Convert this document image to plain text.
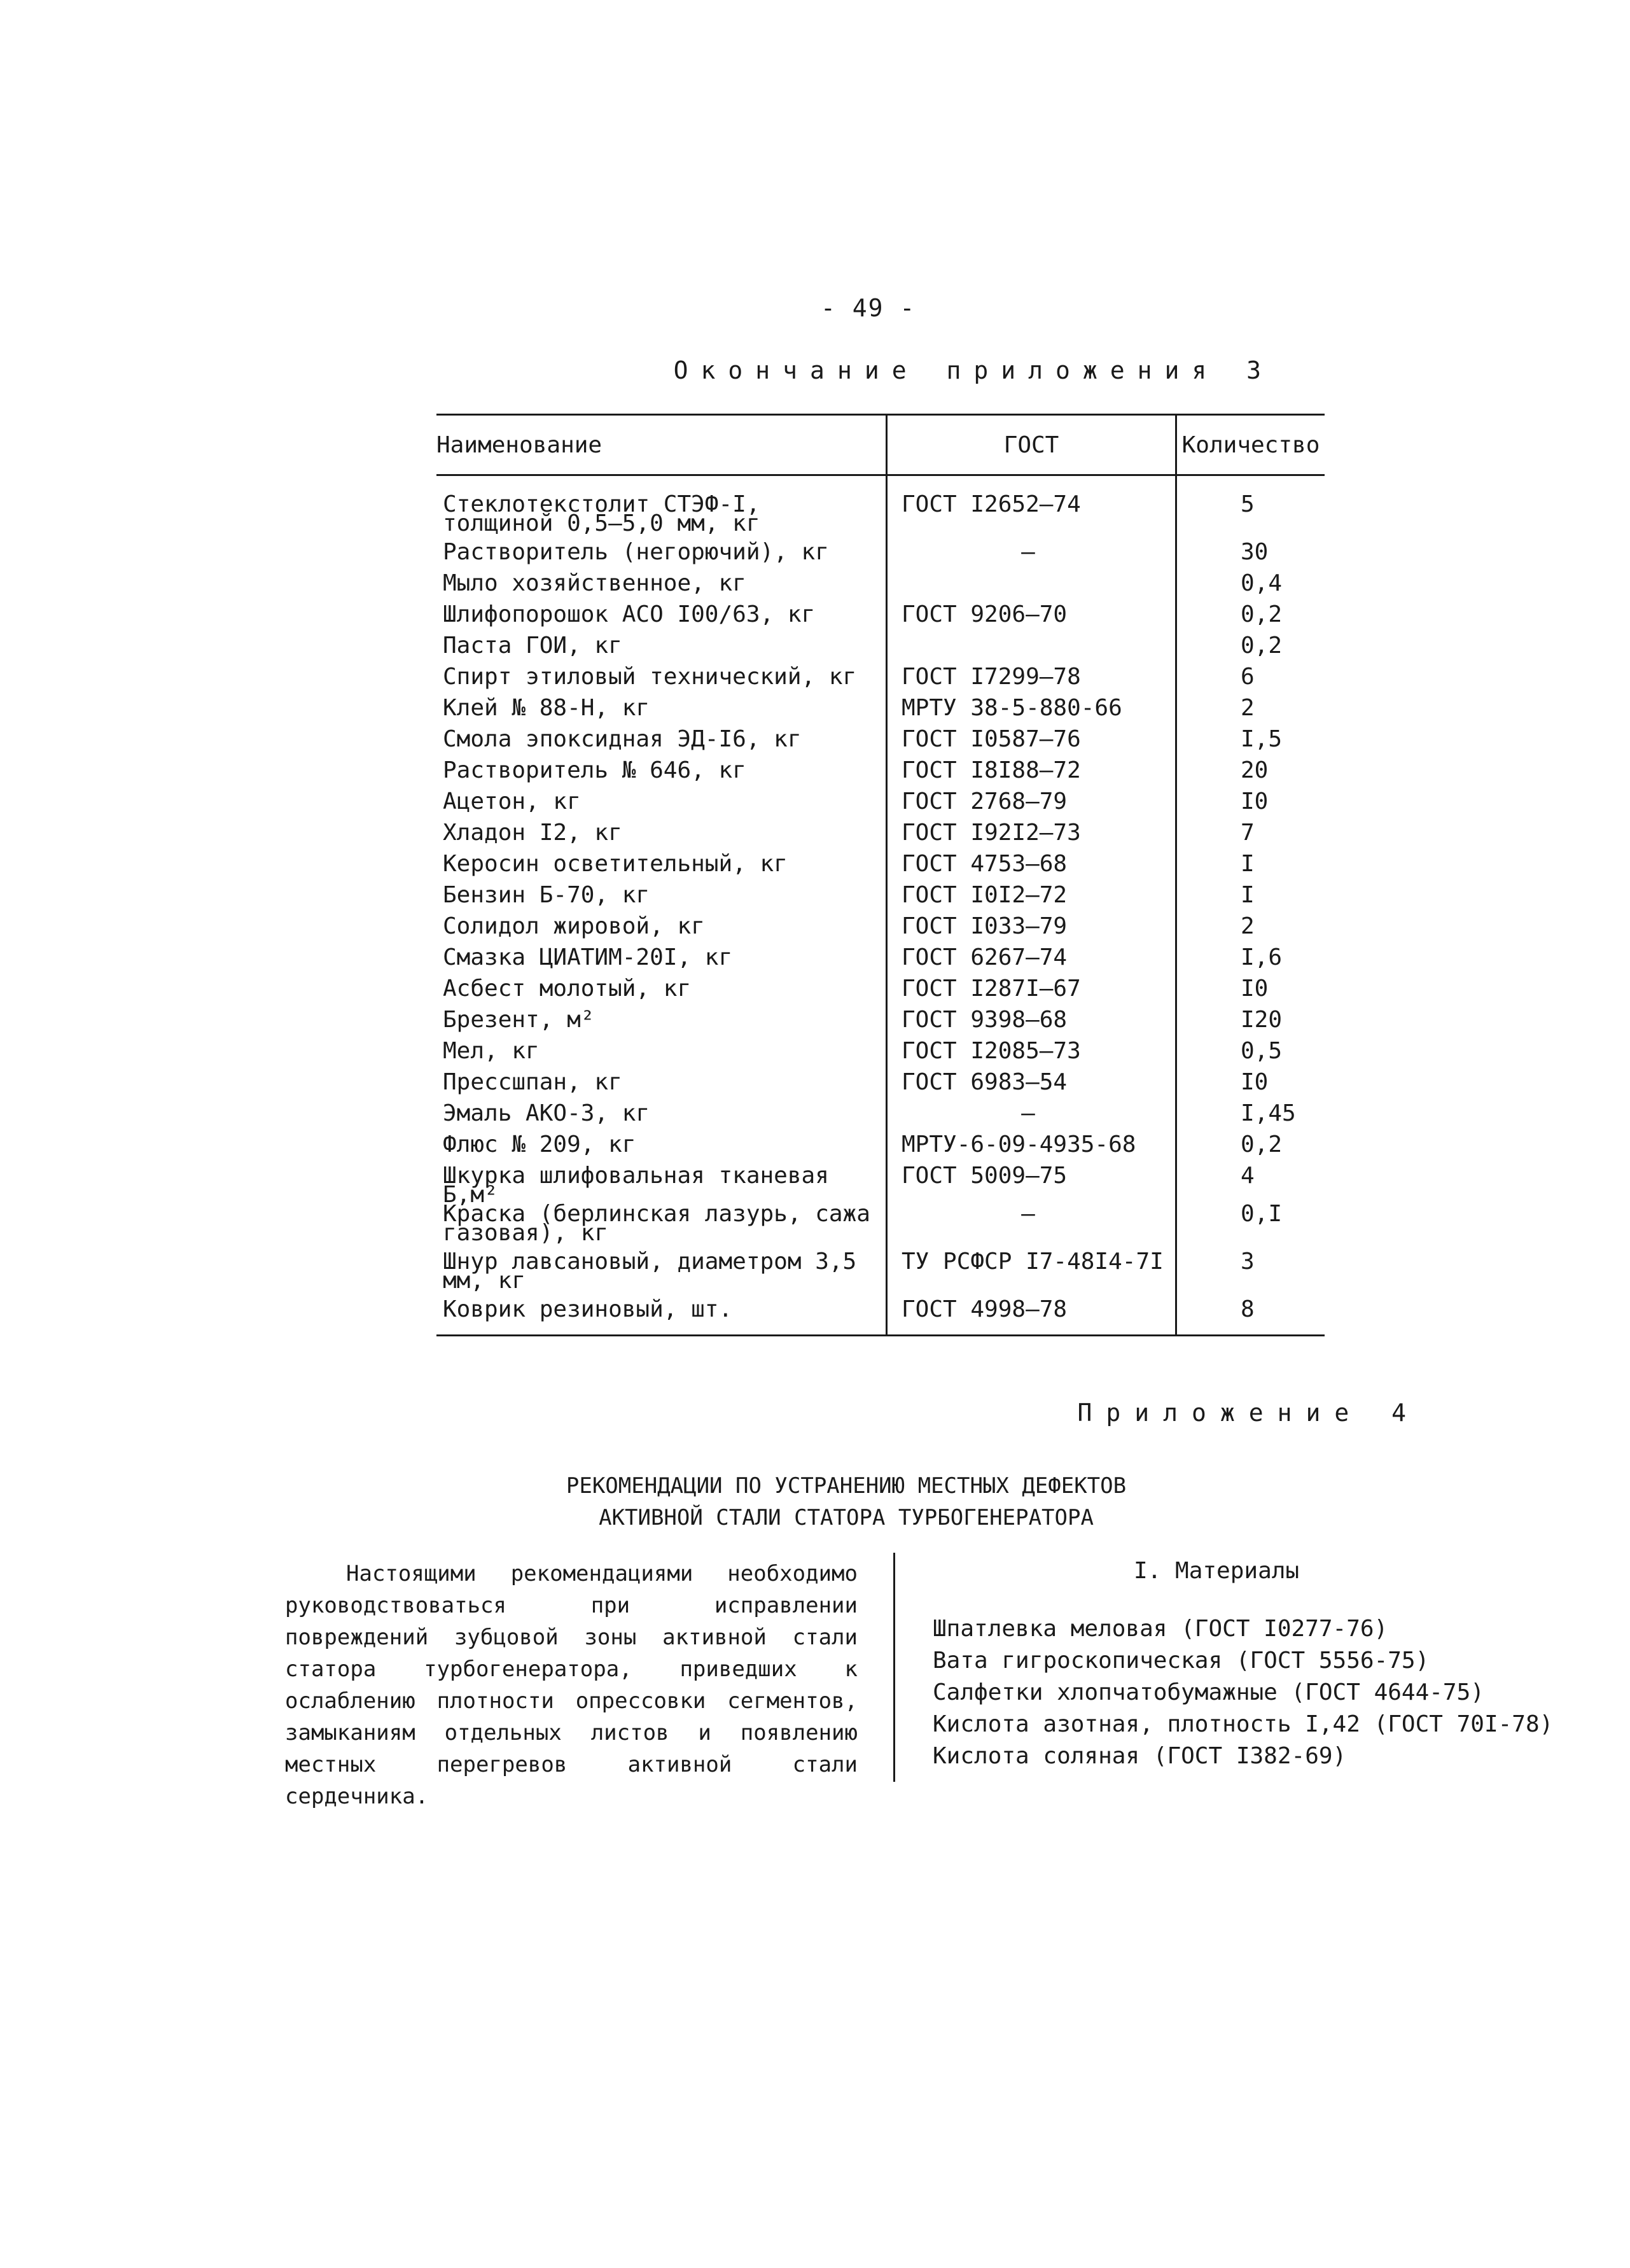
- 49 -
Окончание приложения 3
Наименование	ГОСТ	Количество
Стеклотекстолит СТЭФ-I, толщиной 0,5–5,0 мм, кг	ГОСТ I2652–74	5
Растворитель (негорючий), кг	–	30
Мыло хозяйственное, кг		0,4
Шлифопорошок АСО I00/63, кг	ГОСТ 9206–70	0,2
Паста ГОИ, кг		0,2
Спирт этиловый технический, кг	ГОСТ I7299–78	6
Клей № 88-Н, кг	МРТУ 38-5-880-66	2
Смола эпоксидная ЭД-I6, кг	ГОСТ I0587–76	I,5
Растворитель № 646, кг	ГОСТ I8I88–72	20
Ацетон, кг	ГОСТ 2768–79	I0
Хладон I2, кг	ГОСТ I92I2–73	7
Керосин осветительный, кг	ГОСТ 4753–68	I
Бензин Б-70, кг	ГОСТ I0I2–72	I
Солидол жировой, кг	ГОСТ I033–79	2
Смазка ЦИАТИМ-20I, кг	ГОСТ 6267–74	I,6
Асбест молотый, кг	ГОСТ I287I–67	I0
Брезент, м²	ГОСТ 9398–68	I20
Мел, кг	ГОСТ I2085–73	0,5
Прессшпан, кг	ГОСТ 6983–54	I0
Эмаль АКО-3, кг	–	I,45
Флюс № 209, кг	МРТУ-6-09-4935-68	0,2
Шкурка шлифовальная тканевая Б,м²	ГОСТ 5009–75	4
Краска (берлинская лазурь, сажа газовая), кг	–	0,I
Шнур лавсановый, диаметром 3,5 мм, кг	ТУ РСФСР I7-48I4-7I	3
Коврик резиновый, шт.	ГОСТ 4998–78	8
Приложение 4
РЕКОМЕНДАЦИИ ПО УСТРАНЕНИЮ МЕСТНЫХ ДЕФЕКТОВ
АКТИВНОЙ СТАЛИ СТАТОРА ТУРБОГЕНЕРАТОРА
Настоящими рекомендациями необходимо руководствоваться при исправлении повреждений зубцовой зоны активной стали статора турбогенератора, приведших к ослаблению плотности опрессовки сегментов, замыканиям отдельных листов и появлению местных перегревов активной стали сердечника.
I. Материалы
Шпатлевка меловая (ГОСТ I0277-76)
Вата гигроскопическая (ГОСТ 5556-75)
Салфетки хлопчатобумажные (ГОСТ 4644-75)
Кислота азотная, плотность I,42 (ГОСТ 70I-78)
Кислота соляная (ГОСТ I382-69)
